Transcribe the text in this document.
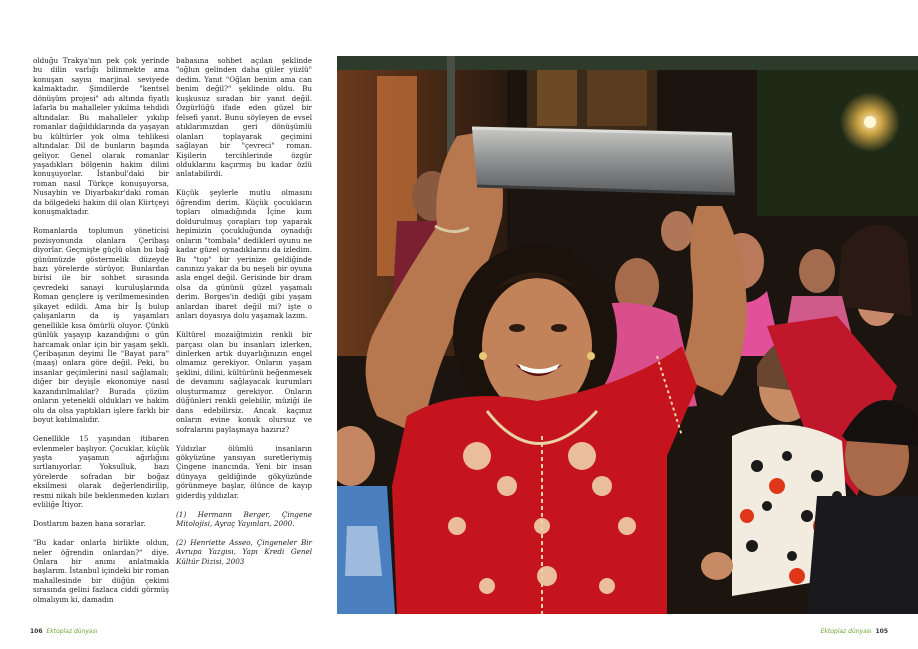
olduğu Trakya'nın pek çok yerinde bu dilin varlığı bilinmekte ama konuşan sayısı marjinal seviyede kalmaktadır. Şimdilerde "kentsel dönüşüm projesi" adı altında fiyatlı lafarla bu mahalleler yıkılma tehdidi altındalar. Bu mahalleler yıkılıp romanlar dağıldıklarında da yaşayan bu kültürler yok olma tehlikesi altındalar. Dil de bunların başında geliyor. Genel olarak romanlar yaşadıkları bölgenin hakim dilini konuşuyorlar. İstanbul'daki bir roman nasıl Türkçe konuşuyorsa, Nusaybin ve Diyarbakır'daki roman da bölgedeki hakim dil olan Kürtçeyi konuşmaktadır.

Romanlarda toplumun yöneticisi pozisyonunda olanlara Çeribaşı diyorlar. Geçmişte güçlü olan bu bağ günümüzde göstermelik düzeyde bazı yörelerde sürüyor. Bunlardan birisi ile bir sohbet sırasında çevredeki sanayi kuruluşlarında Roman gençlere iş verilmemesinden şikayet edildi. Ama bir İş bulup çalışanların da iş yaşamları genellikle kısa ömürlü oluyor. Çünkü günlük yaşayıp kazandığını o gün harcamak onlar için bir yaşam şekli. Çeribaşının deyimi İle "Bayat para" (maaş) onlara göre değil. Peki, bu insanlar geçimlerini nasıl sağlamalı; diğer bir deyişle ekonomiye nasıl kazandırılmalılar? Burada çözüm onların yetenekli oldukları ve hakim olu da olsa yaptıkları işlere farklı bir boyut katılmalıdır.

Genellikle 15 yaşından itibaren evlenmeler başlıyor. Çocuklar, küçük yaşta yaşamın ağırlığını sırtlanıyorlar. Yoksulluk, bazı yörelerde sofradan bir boğaz eksilmesi olarak değerlendirilip, resmi nikah bile beklenmeden kızları evliliğe İtiyor.

Dostlarım bazen bana sorarlar.

"Bu kadar onlarla birlikte oldun, neler öğrendin onlardan?" diye. Onlara bir anımı anlatmakla başlarım. İstanbul içindeki bir roman mahallesinde bir düğün çekimi sırasında gelini fazlaca ciddi görmüş olmalıyım ki, damadın

babasına sohbet açılan şeklinde "oğlun gelinden daha güler yüzlü" dedim. Yanıt "Oğlan benim ama can benim değil?" şeklinde oldu. Bu kuşkusuz sıradan bir yanıt değil. Özgürlüğü ifade eden güzel bir felsefi yanıt. Bunu söyleyen de evsel atıklarımızdan geri dönüşümlü olanları toplayarak geçimini sağlayan bir "çevreci" roman. Kişilerin tercihlerinde özgür olduklarını kaçırmış bu kadar özlü anlatabilirdi.

Küçük şeylerle mutlu olmasını öğrendim derim. Küçük çocukların topları olmadığında İçine kum doldurulmuş çorapları top yaparak hepimizin çocukluğunda oynadığı onların "tombala" dedikleri oyunu ne kadar güzel oynadıklarını da izledim. Bu "top" bir yerinize geldiğinde canınızı yakar da bu neşeli bir oyuna asla engel değil. Gerisinde bir dram olsa da gününü güzel yaşamalı derim. Borges'in dediği gibi yaşam anlardan ibaret değil mi? işte o anları doyasıya dolu yaşamak lazım.

Kültürel mozaiğimizin renkli bir parçası olan bu insanları izlerken, dinlerken artık duyarlığınızın engel olmamız gerekiyor. Onların yaşam şeklini, dilini, kültürünü beğenmesek de devamını sağlayacak kurumları oluşturmamız gerekiyor. Onların düğünleri renkli gelebilir, müziği ile dans edebilirsiz. Ancak kaçınız onların evine konuk olursuz ve sofralarını paylaşmaya hazırız?

Yıldızlar ölümlü insanların gökyüzüne yansıyan suretleriymiş Çingene inancında. Yeni bir insan dünyaya geldiğinde gökyüzünde görünmeye başlar, ölünce de kayıp giderdiş yıldızlar.

(1) Hermann Berger, Çingene Mitolojisi, Ayraç Yayınları, 2000.

(2) Henriette Asseo, Çingeneler Bir Avrupa Yazgısı, Yapı Kredi Genel Kültür Dizisi, 2003

106 Ektoplaz dünyası	Ektoplaz dünyası 105
